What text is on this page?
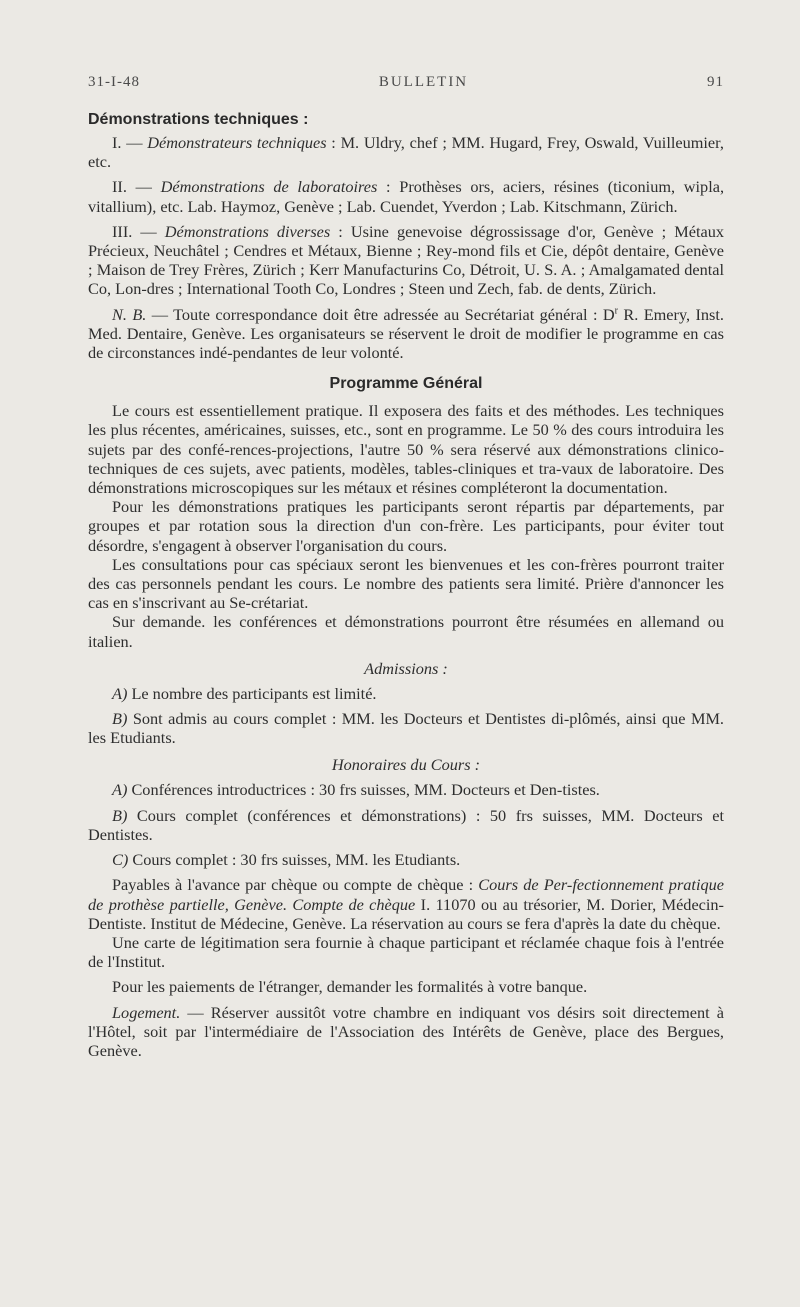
31-I-48	BULLETIN	91
Démonstrations techniques :

I. — Démonstrateurs techniques : M. Uldry, chef ; MM. Hugard, Frey, Oswald, Vuilleumier, etc.

II. — Démonstrations de laboratoires : Prothèses ors, aciers, résines (ticonium, wipla, vitallium), etc. Lab. Haymoz, Genève ; Lab. Cuendet, Yverdon ; Lab. Kitschmann, Zürich.

III. — Démonstrations diverses : Usine genevoise dégrossissage d'or, Genève ; Métaux Précieux, Neuchâtel ; Cendres et Métaux, Bienne ; Rey-mond fils et Cie, dépôt dentaire, Genève ; Maison de Trey Frères, Zürich ; Kerr Manufacturins Co, Détroit, U. S. A. ; Amalgamated dental Co, Lon-dres ; International Tooth Co, Londres ; Steen und Zech, fab. de dents, Zürich.

N. B. — Toute correspondance doit être adressée au Secrétariat général : $D^r$ R. Emery, Inst. Med. Dentaire, Genève. Les organisateurs se réservent le droit de modifier le programme en cas de circonstances indé-pendantes de leur volonté.

Programme Général

Le cours est essentiellement pratique. Il exposera des faits et des méthodes. Les techniques les plus récentes, américaines, suisses, etc., sont en programme. Le 50 % des cours introduira les sujets par des confé-rences-projections, l'autre 50 % sera réservé aux démonstrations clinico-techniques de ces sujets, avec patients, modèles, tables-cliniques et tra-vaux de laboratoire. Des démonstrations microscopiques sur les métaux et résines compléteront la documentation.

Pour les démonstrations pratiques les participants seront répartis par départements, par groupes et par rotation sous la direction d'un con-frère. Les participants, pour éviter tout désordre, s'engagent à observer l'organisation du cours.

Les consultations pour cas spéciaux seront les bienvenues et les con-frères pourront traiter des cas personnels pendant les cours. Le nombre des patients sera limité. Prière d'annoncer les cas en s'inscrivant au Se-crétariat.

Sur demande. les conférences et démonstrations pourront être résumées en allemand ou italien.

Admissions :

A) Le nombre des participants est limité.

B) Sont admis au cours complet : MM. les Docteurs et Dentistes di-plômés, ainsi que MM. les Etudiants.

Honoraires du Cours :

A) Conférences introductrices : 30 frs suisses, MM. Docteurs et Den-tistes.

B) Cours complet (conférences et démonstrations) : 50 frs suisses, MM. Docteurs et Dentistes.

C) Cours complet : 30 frs suisses, MM. les Etudiants.

Payables à l'avance par chèque ou compte de chèque : Cours de Per-fectionnement pratique de prothèse partielle, Genève. Compte de chèque I. 11070 ou au trésorier, M. Dorier, Médecin-Dentiste. Institut de Médecine, Genève. La réservation au cours se fera d'après la date du chèque.

Une carte de légitimation sera fournie à chaque participant et réclamée chaque fois à l'entrée de l'Institut.

Pour les paiements de l'étranger, demander les formalités à votre banque.

Logement. — Réserver aussitôt votre chambre en indiquant vos désirs soit directement à l'Hôtel, soit par l'intermédiaire de l'Association des Intérêts de Genève, place des Bergues, Genève.
